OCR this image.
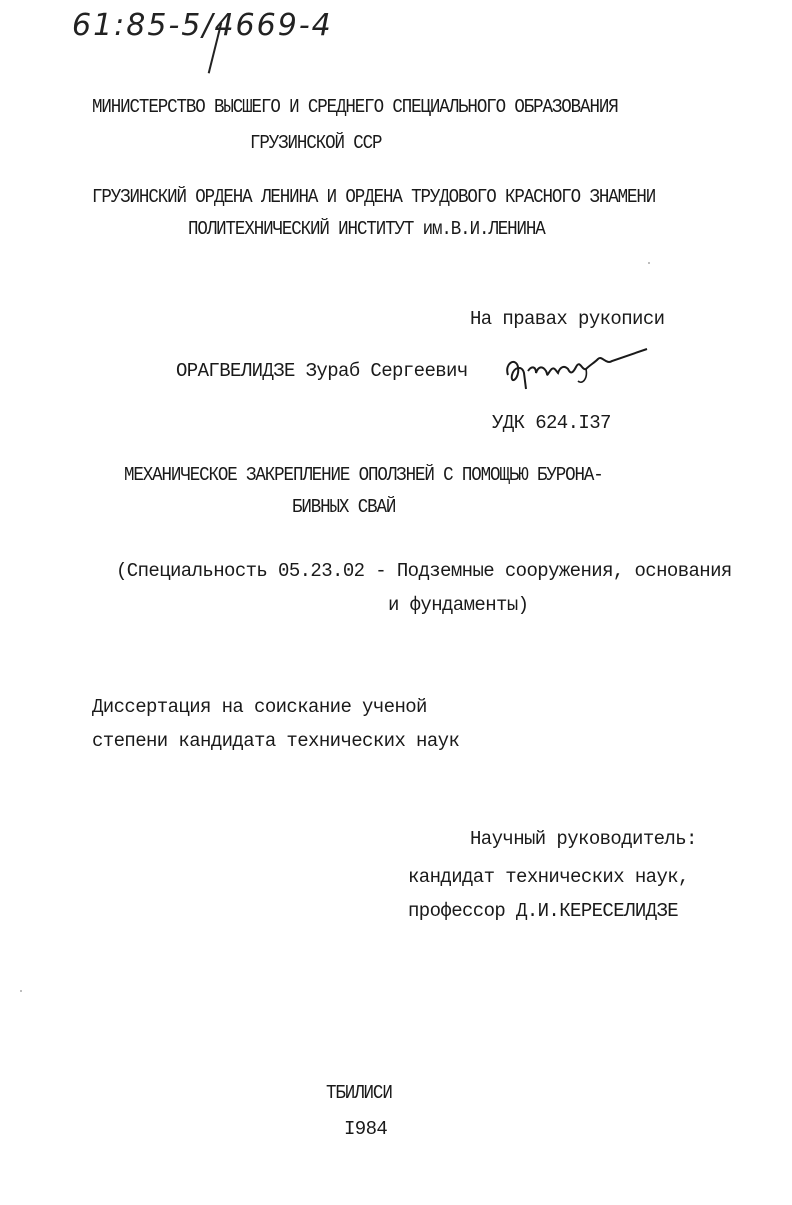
61:85-5/4669-4
МИНИСТЕРСТВО ВЫСШЕГО И СРЕДНЕГО СПЕЦИАЛЬНОГО ОБРАЗОВАНИЯ
ГРУЗИНСКОЙ ССР
ГРУЗИНСКИЙ ОРДЕНА ЛЕНИНА И ОРДЕНА ТРУДОВОГО КРАСНОГО ЗНАМЕНИ
ПОЛИТЕХНИЧЕСКИЙ ИНСТИТУТ им.В.И.ЛЕНИНА
На правах рукописи
ОРАГВЕЛИДЗЕ Зураб Сергеевич
УДК 624.I37
МЕХАНИЧЕСКОЕ ЗАКРЕПЛЕНИЕ ОПОЛЗНЕЙ С ПОМОЩЬЮ БУРОНА-
БИВНЫХ СВАЙ
(Специальность 05.23.02 - Подземные сооружения, основания
и фундаменты)
Диссертация на соискание ученой
степени кандидата технических наук
Научный руководитель:
кандидат технических наук,
профессор Д.И.КЕРЕСЕЛИДЗЕ
ТБИЛИСИ
I984
